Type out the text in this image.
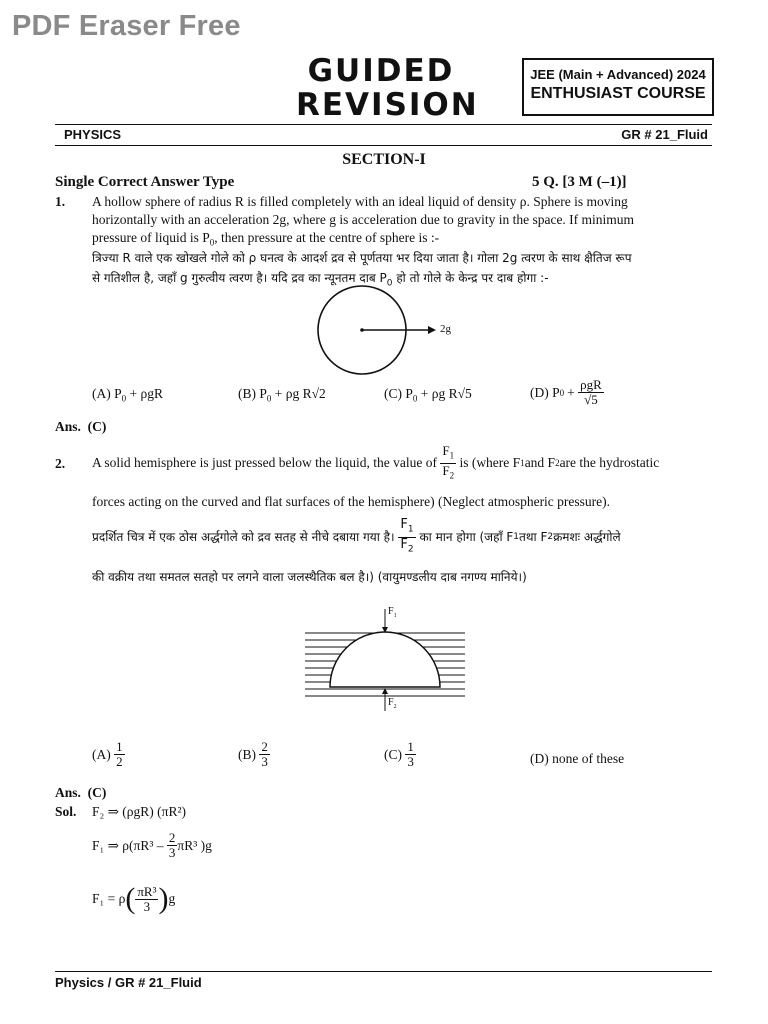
PDF Eraser Free
GUIDED
REVISION
JEE (Main + Advanced) 2024
ENTHUSIAST COURSE
PHYSICS	GR # 21_Fluid
SECTION-I
Single Correct Answer Type	5 Q. [3 M (–1)]
1. A hollow sphere of radius R is filled completely with an ideal liquid of density ρ. Sphere is moving
horizontally with an acceleration 2g, where g is acceleration due to gravity in the space. If minimum
pressure of liquid is $P_0$, then pressure at the centre of sphere is :-
त्रिज्या R वाले एक खोखले गोले को ρ घनत्व के आदर्श द्रव से पूर्णतया भर दिया जाता है। गोला 2g त्वरण के साथ क्षैतिज रूप
से गतिशील है, जहाँ g गुरुत्वीय त्वरण है। यदि द्रव का न्यूनतम दाब $P_0$ हो तो गोले के केन्द्र पर दाब होगा :-
2g
(A) $P_0 + \rho gR$	(B) $P_0 + \rho g$ R√2	(C) $P_0 + \rho g$ R√5	(D) P $0 + \frac{\text{ρgR}}{√5}$
Ans. (C)
2. A solid hemisphere is just pressed below the liquid, the value of
$\frac{F_1}{F_2}$
is (where F 1 and F 2 are the hydrostatic
forces acting on the curved and flat surfaces of the hemisphere) (Neglect atmospheric pressure).
प्रदर्शित चित्र में एक ठोस अर्द्धगोले को द्रव सतह से नीचे दबाया गया है।
$\frac{F_1}{F_2}$
का मान होगा (जहाँ F 1 तथा F 2 क्रमशः अर्द्धगोले
की वक्रीय तथा समतल सतहो पर लगने वाला जलस्थैतिक बल है।) (वायुमण्डलीय दाब नगण्य मानिये।)
$F_1$
$F_2$
(A)
$\frac{1}{2}$	(B)
$\frac{2}{3}$	(C)
$\frac{1}{3}$	(D) none of these
Ans. (C)
Sol. F₂ ⇒ (ρgR) (πR²)
F₁ ⇒ ρ(πR³ –
$\frac{2}{3} \pi R^3$ )g
F₁ = ρ ( $\frac{\text{πR³}}{3}$ ) g
Physics / GR # 21_Fluid
